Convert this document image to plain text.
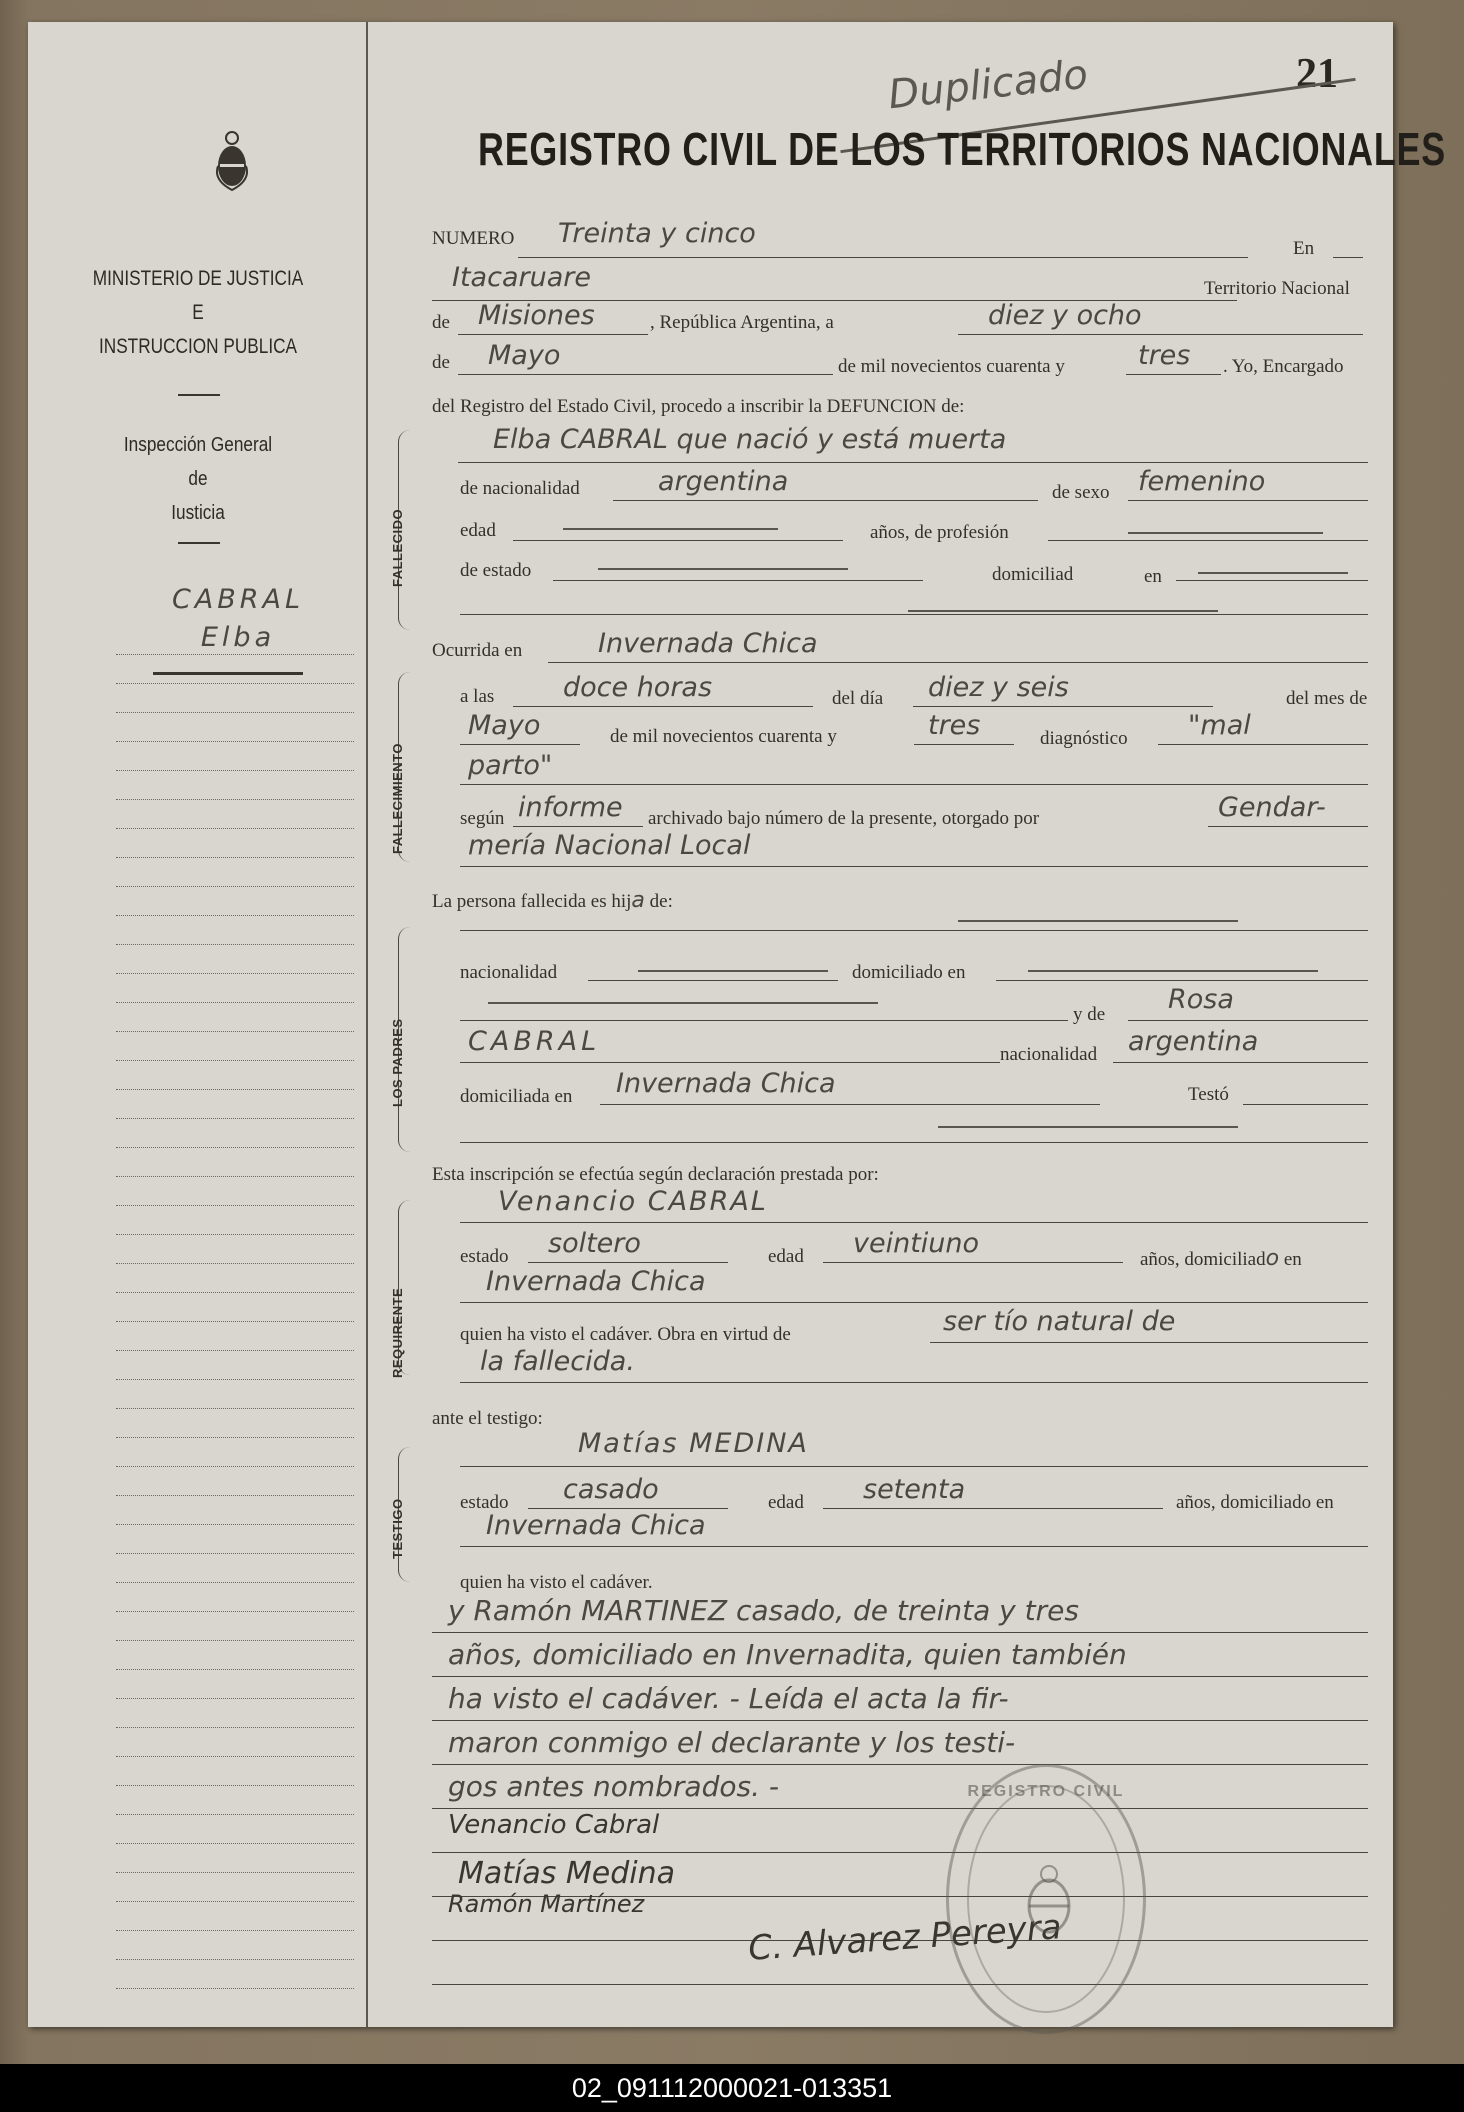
MINISTERIO DE JUSTICIA
E
INSTRUCCION PUBLICA
Inspección General
de
Iusticia
CABRAL
Elba
21
Duplicado
REGISTRO CIVIL DE LOS TERRITORIOS NACIONALES
NUMERO Treinta y cinco	En
Itacaruare	Territorio Nacional
de Misiones	, República Argentina, a	diez y ocho
de Mayo	de mil novecientos cuarenta y	tres . Yo, Encargado
del Registro del Estado Civil, procedo a inscribir la DEFUNCION de:
FALLECIDO
Elba CABRAL que nació y está muerta
de nacionalidad	argentina	de sexo femenino
edad	años, de profesión
de estado	domiciliad	en
Ocurrida en	Invernada Chica
FALLECIMIENTO
a las	doce horas	del día diez y seis	del mes de
Mayo	de mil novecientos cuarenta y	tres	diagnóstico "mal
parto"
según informe archivado bajo número de la presente, otorgado por	Gendar-
mería Nacional Local
La persona fallecida es hija de:
LOS PADRES
nacionalidad	domiciliado en
y de Rosa
CABRAL	nacionalidad argentina
domiciliada en Invernada Chica	Testó
Esta inscripción se efectúa según declaración prestada por:
REQUIRENTE
Venancio CABRAL
estado soltero	edad veintiuno
años, domiciliado en
Invernada Chica
quien ha visto el cadáver. Obra en virtud de	ser tío natural de
la fallecida.
ante el testigo:
TESTIGO
Matías MEDINA
estado casado	edad setenta	años, domiciliado en
Invernada Chica
quien ha visto el cadáver.
y Ramón MARTINEZ casado, de treinta y tres
años, domiciliado en Invernadita, quien también
ha visto el cadáver. - Leída el acta la fir-
maron conmigo el declarante y los testi-
gos antes nombrados. -
Venancio Cabral
Matías Medina
Ramón Martínez
C. Alvarez Pereyra
REGISTRO CIVIL
02_091112000021-013351
